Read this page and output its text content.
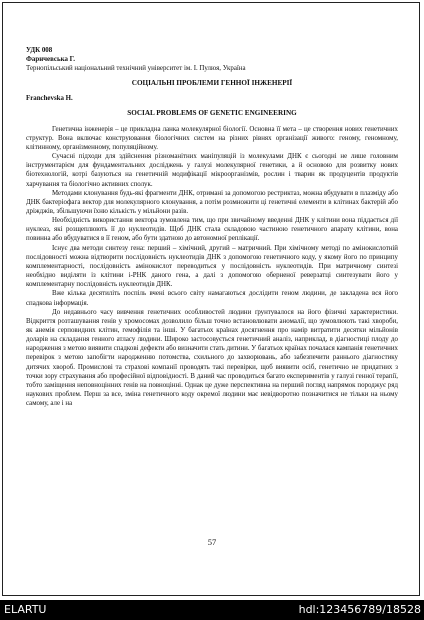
УДК 008

Фарнчевська Г.

Тернопільський національний технічний університет ім. І. Пулюя, Україна

СОЦІАЛЬНІ ПРОБЛЕМИ ГЕННОЇ ІНЖЕНЕРІЇ

Franchevska H.

SOCIAL PROBLEMS OF GENETIC ENGINEERING

Генетична інженерія – це прикладна ланка молекулярної біології. Основна її мета – це створення нових генетичних структур. Вона включає конструювання біологічних систем на різних рівнях організації живого: геному, геномному, клітинному, організменному, популяційному.

Сучасні підходи для здійснення різноманітних маніпуляцій із молекулами ДНК є сьогодні не лише головним інструментарієм для фундаментальних досліджень у галузі молекулярної генетики, а й основою для розвитку нових біотехнологій, котрі базуються на генетичній модифікації мікроорганізмів, рослин і тварин як продуцентів продуктів харчування та біологічно активних сполук.

Методами клонування будь-які фрагменти ДНК, отримані за допомогою рестриктаз, можна вбудувати в плазміду або ДНК бактеріофага вектор для молекулярного клонування, а потім розмножити ці генетичні елементи в клітинах бактерій або дріжджів, збільшуючи їхню кількість у мільйони разів.

Необхідність використання вектора зумовлена тим, що при звичайному введенні ДНК у клітини вона піддається дії нуклеаз, які розщеплюють її до нуклеотидів. Щоб ДНК стала складовою частиною генетичного апарату клітини, вона повинна або вбудуватися в її геном, або бути здатною до автономної реплікації.

Існує два методи синтезу гена: перший – хімічний, другий – матричний. При хімічному методі по амінокислотній послідовності можна відтворити послідовність нуклеотидів ДНК з допомогою генетичного коду, у якому його по принципу комплементарності, послідовність амінокислот переводиться у послідовність нуклеотидів. При матричному синтезі необхідно виділяти із клітини і-РНК даного гена, а далі з допомогою оберненої реверзатці синтезувати його у комплементарну послідовність нуклеотидів ДНК.

Вже кілька десятиліть поспіль вчені всього світу намагаються дослідити геном людини, де закладена вся його спадкова інформація.

До недавнього часу вивчення генетичних особливостей людини ґрунтувалося на його фізичні характеристики. Відкриття розташування генів у хромосомах дозволило більш точно встановлювати аномалії, що зумовлюють такі хвороби, як анемія серповидних клітин, гемофілія та інші. У багатьох країнах досягнення про намір витратити десятки мільйонів доларів на складання генного атласу людини. Широко застосовується генетичний аналіз, наприклад, в діагностиці плоду до народження з метою виявити спадкові дефекти або визначити стать дитини. У багатьох країнах почалася кампанія генетичних перевірок з метою запобігти народженню потомства, схильного до захворювань, або забезпечити раннього діагностику дитячих хвороб. Промислові та страхові компанії проводять такі перевірки, щоб виявити осіб, генетично не придатних з точки зору страхування або професійної відповідності. В даний час проводиться багато експериментів у галузі генної терапії, тобто заміщення неповноцінних генів на повноцінні. Однак це дуже перспективна на перший погляд напрямок породжує ряд наукових проблем. Перш за все, зміна генетичного коду окремої людини має невідворотно позначитися не тільки на ньому самому, але і на

57
ELARTU	hdl:123456789/18528
